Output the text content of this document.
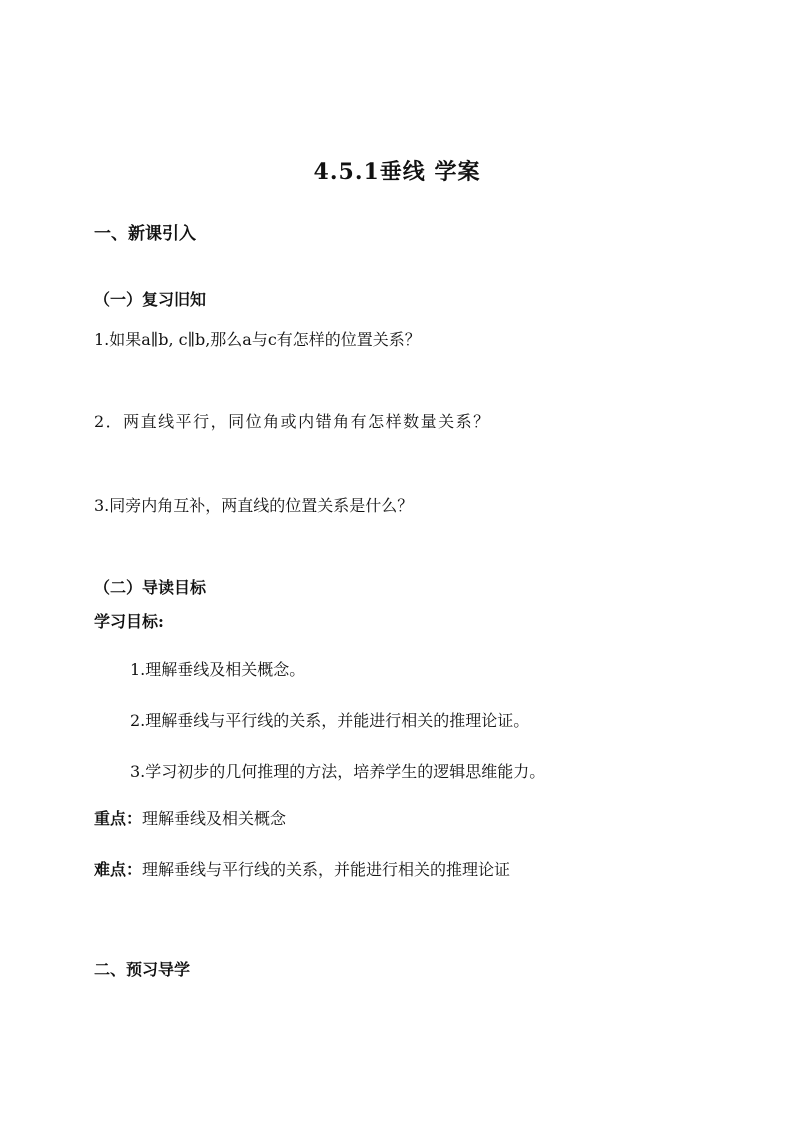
4.5.1垂线 学案
一、新课引入
（一）复习旧知
1.如果a∥b, c∥b,那么a与c有怎样的位置关系？
2．两直线平行，同位角或内错角有怎样数量关系？
3.同旁内角互补，两直线的位置关系是什么？
（二）导读目标
学习目标:
1.理解垂线及相关概念。
2.理解垂线与平行线的关系，并能进行相关的推理论证。
3.学习初步的几何推理的方法，培养学生的逻辑思维能力。
重点：理解垂线及相关概念
难点：理解垂线与平行线的关系，并能进行相关的推理论证
二、预习导学
